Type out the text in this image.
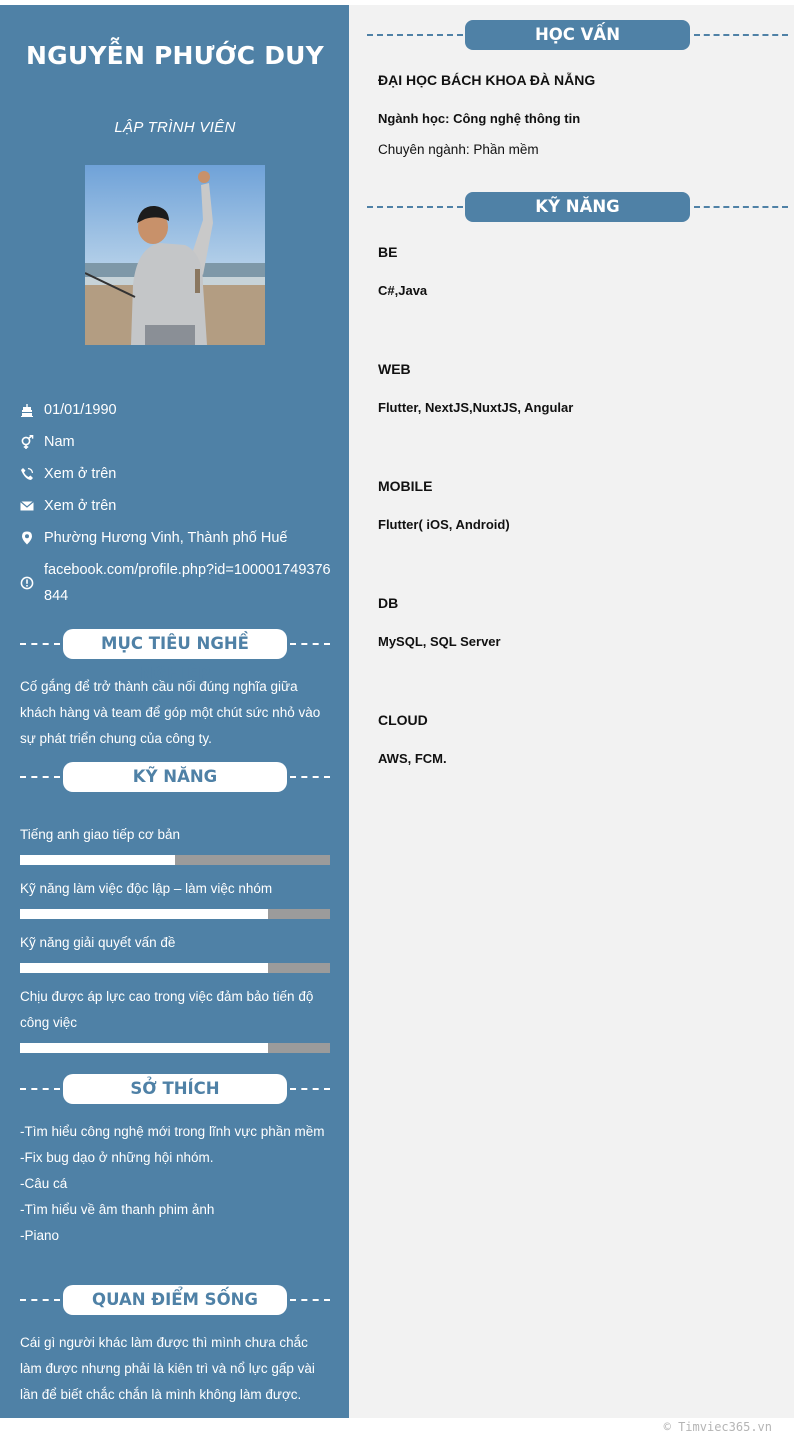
NGUYỄN PHƯỚC DUY
LẬP TRÌNH VIÊN
01/01/1990
Nam
Xem ở trên
Xem ở trên
Phường Hương Vinh, Thành phố Huế
facebook.com/profile.php?id=100001749376844
MỤC TIÊU NGHỀ NGHIỆP
Cố gắng để trở thành cầu nối đúng nghĩa giữa khách hàng và team để góp một chút sức nhỏ vào sự phát triển chung của công ty.
KỸ NĂNG
Tiếng anh giao tiếp cơ bản
Kỹ năng làm việc độc lập – làm việc nhóm
Kỹ năng giải quyết vấn đề
Chịu được áp lực cao trong việc đảm bảo tiến độ công việc
SỞ THÍCH
-Tìm hiểu công nghệ mới trong lĩnh vực phần mềm
-Fix bug dạo ở những hội nhóm.
-Câu cá
-Tìm hiểu về âm thanh phim ảnh
-Piano
QUAN ĐIỂM SỐNG
Cái gì người khác làm được thì mình chưa chắc làm được nhưng phải là kiên trì và nổ lực gấp vài lần để biết chắc chắn là mình không làm được.
HỌC VẤN
ĐẠI HỌC BÁCH KHOA ĐÀ NẴNG
Ngành học: Công nghệ thông tin
Chuyên ngành: Phần mềm
KỸ NĂNG
BE
C#,Java
WEB
Flutter, NextJS,NuxtJS, Angular
MOBILE
Flutter( iOS, Android)
DB
MySQL, SQL Server
CLOUD
AWS, FCM.
© Timviec365.vn
